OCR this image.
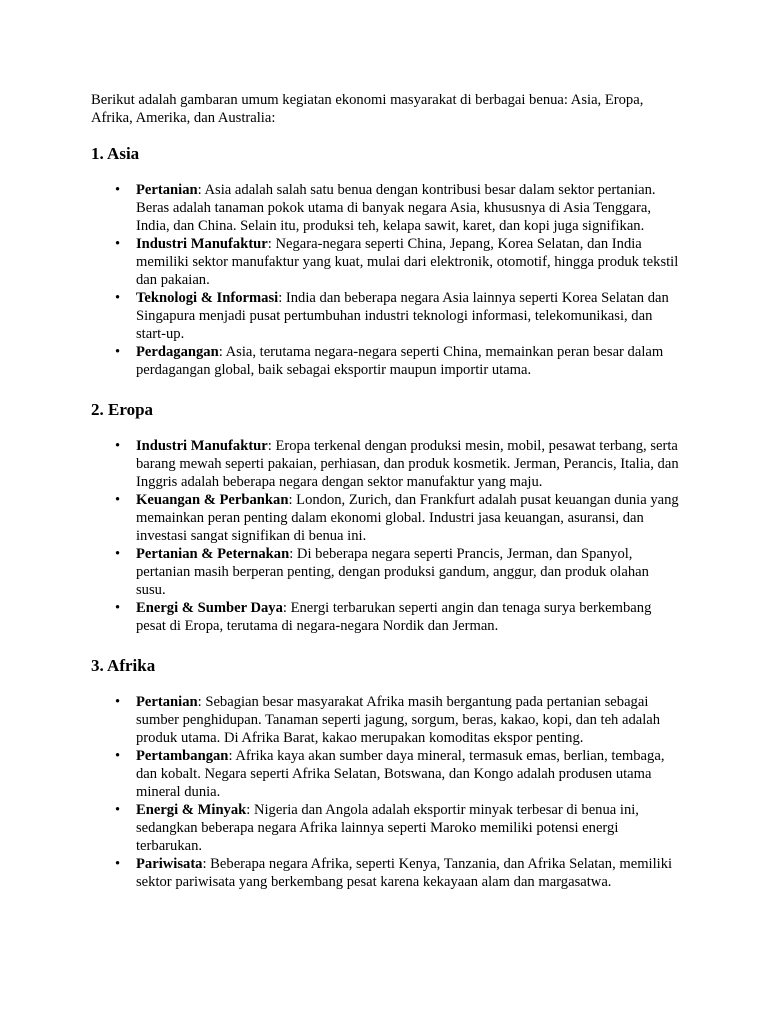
Berikut adalah gambaran umum kegiatan ekonomi masyarakat di berbagai benua: Asia, Eropa, Afrika, Amerika, dan Australia:

1. Asia
• Pertanian: Asia adalah salah satu benua dengan kontribusi besar dalam sektor pertanian. Beras adalah tanaman pokok utama di banyak negara Asia, khususnya di Asia Tenggara, India, dan China. Selain itu, produksi teh, kelapa sawit, karet, dan kopi juga signifikan.
• Industri Manufaktur: Negara-negara seperti China, Jepang, Korea Selatan, dan India memiliki sektor manufaktur yang kuat, mulai dari elektronik, otomotif, hingga produk tekstil dan pakaian.
• Teknologi & Informasi: India dan beberapa negara Asia lainnya seperti Korea Selatan dan Singapura menjadi pusat pertumbuhan industri teknologi informasi, telekomunikasi, dan start-up.
• Perdagangan: Asia, terutama negara-negara seperti China, memainkan peran besar dalam perdagangan global, baik sebagai eksportir maupun importir utama.
2. Eropa
• Industri Manufaktur: Eropa terkenal dengan produksi mesin, mobil, pesawat terbang, serta barang mewah seperti pakaian, perhiasan, dan produk kosmetik. Jerman, Perancis, Italia, dan Inggris adalah beberapa negara dengan sektor manufaktur yang maju.
• Keuangan & Perbankan: London, Zurich, dan Frankfurt adalah pusat keuangan dunia yang memainkan peran penting dalam ekonomi global. Industri jasa keuangan, asuransi, dan investasi sangat signifikan di benua ini.
• Pertanian & Peternakan: Di beberapa negara seperti Prancis, Jerman, dan Spanyol, pertanian masih berperan penting, dengan produksi gandum, anggur, dan produk olahan susu.
• Energi & Sumber Daya: Energi terbarukan seperti angin dan tenaga surya berkembang pesat di Eropa, terutama di negara-negara Nordik dan Jerman.
3. Afrika
• Pertanian: Sebagian besar masyarakat Afrika masih bergantung pada pertanian sebagai sumber penghidupan. Tanaman seperti jagung, sorgum, beras, kakao, kopi, dan teh adalah produk utama. Di Afrika Barat, kakao merupakan komoditas ekspor penting.
• Pertambangan: Afrika kaya akan sumber daya mineral, termasuk emas, berlian, tembaga, dan kobalt. Negara seperti Afrika Selatan, Botswana, dan Kongo adalah produsen utama mineral dunia.
• Energi & Minyak: Nigeria dan Angola adalah eksportir minyak terbesar di benua ini, sedangkan beberapa negara Afrika lainnya seperti Maroko memiliki potensi energi terbarukan.
• Pariwisata: Beberapa negara Afrika, seperti Kenya, Tanzania, dan Afrika Selatan, memiliki sektor pariwisata yang berkembang pesat karena kekayaan alam dan margasatwa.
